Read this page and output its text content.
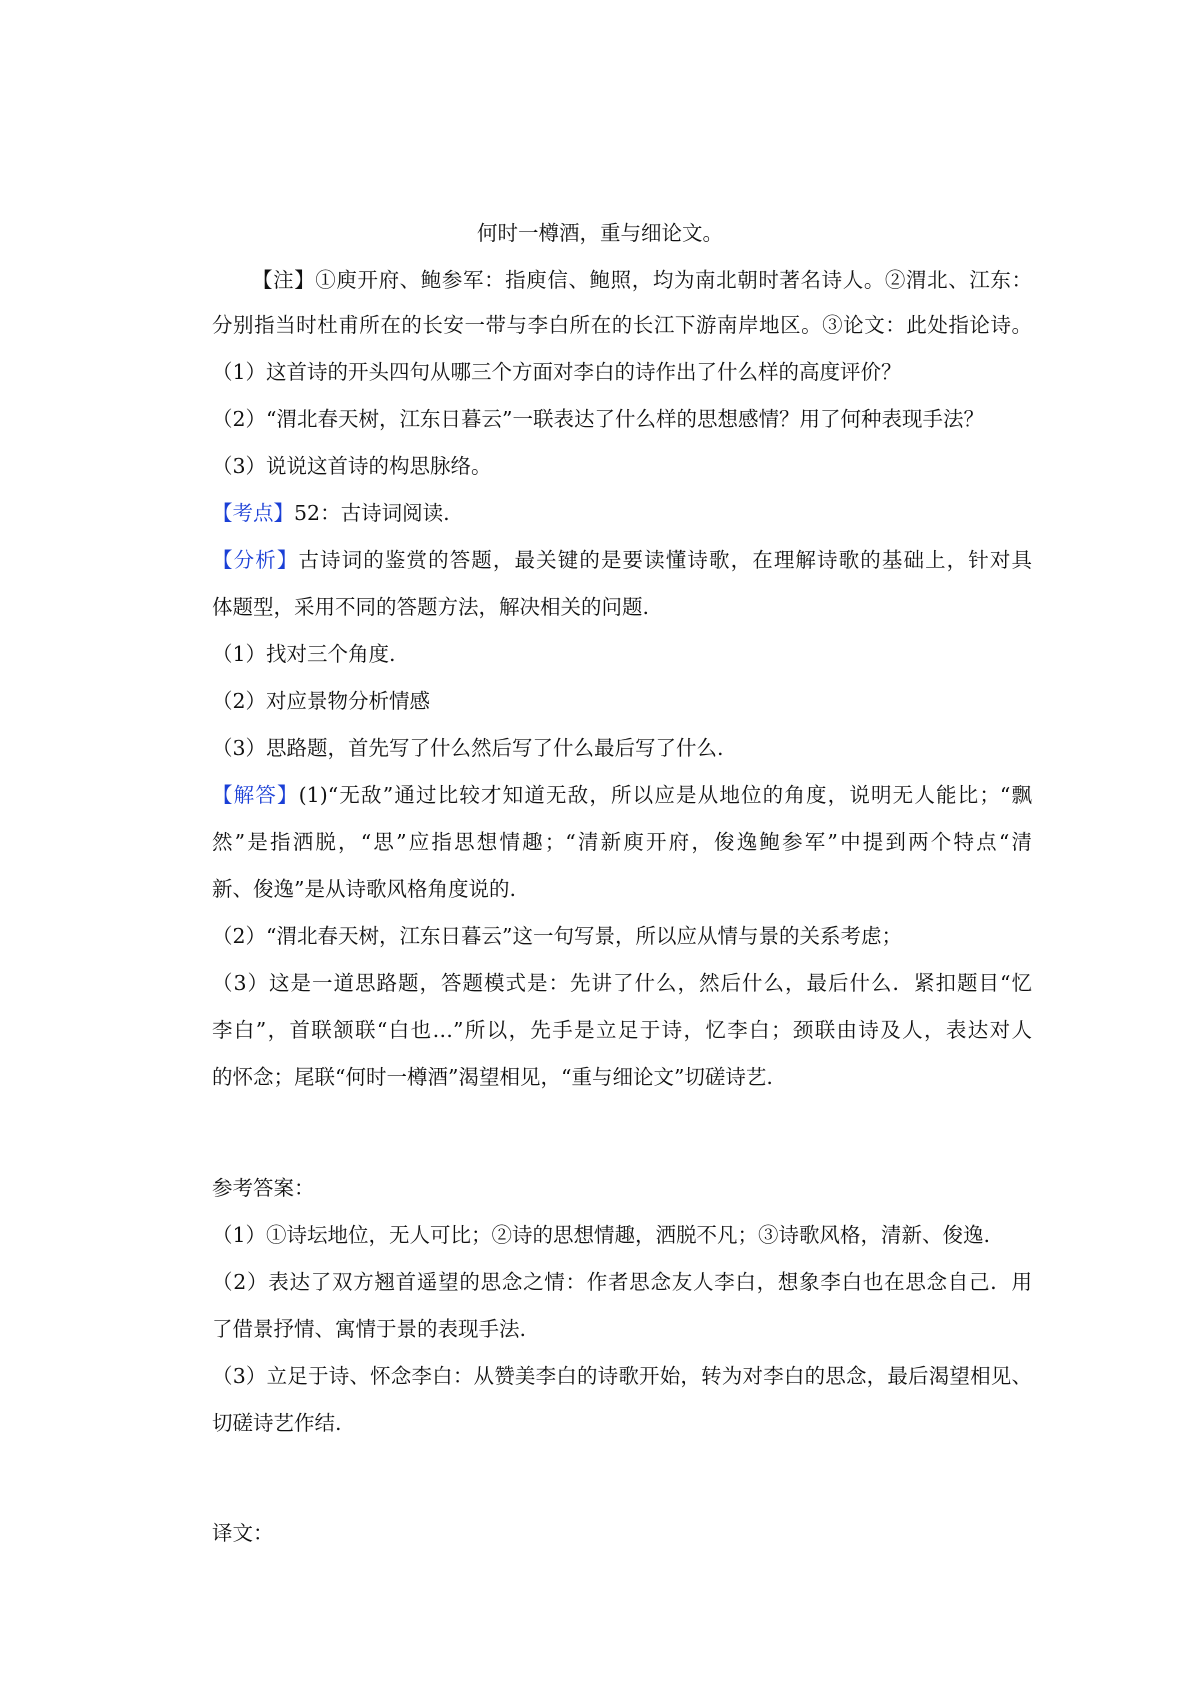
何时一樽酒，重与细论文。
【注】①庾开府、鲍参军：指庾信、鲍照，均为南北朝时著名诗人。②渭北、江东：
分别指当时杜甫所在的长安一带与李白所在的长江下游南岸地区。③论文：此处指论诗。
（1）这首诗的开头四句从哪三个方面对李白的诗作出了什么样的高度评价？
（2）“渭北春天树，江东日暮云”一联表达了什么样的思想感情？用了何种表现手法？
（3）说说这首诗的构思脉络。
【考点】52：古诗词阅读.
【分析】古诗词的鉴赏的答题，最关键的是要读懂诗歌，在理解诗歌的基础上，针对具
体题型，采用不同的答题方法，解决相关的问题.
（1）找对三个角度.
（2）对应景物分析情感
（3）思路题，首先写了什么然后写了什么最后写了什么.
【解答】(1)“无敌”通过比较才知道无敌，所以应是从地位的角度，说明无人能比；“飘
然”是指洒脱，“思”应指思想情趣；“清新庾开府，俊逸鲍参军”中提到两个特点“清
新、俊逸”是从诗歌风格角度说的.
（2）“渭北春天树，江东日暮云”这一句写景，所以应从情与景的关系考虑；
（3）这是一道思路题，答题模式是：先讲了什么，然后什么，最后什么．紧扣题目“忆
李白”，首联颔联“白也…”所以，先手是立足于诗，忆李白；颈联由诗及人，表达对人
的怀念；尾联“何时一樽酒”渴望相见，“重与细论文”切磋诗艺.
参考答案：
（1）①诗坛地位，无人可比；②诗的思想情趣，洒脱不凡；③诗歌风格，清新、俊逸.
（2）表达了双方翘首遥望的思念之情：作者思念友人李白，想象李白也在思念自己．用
了借景抒情、寓情于景的表现手法.
（3）立足于诗、怀念李白：从赞美李白的诗歌开始，转为对李白的思念，最后渴望相见、
切磋诗艺作结.
译文：
